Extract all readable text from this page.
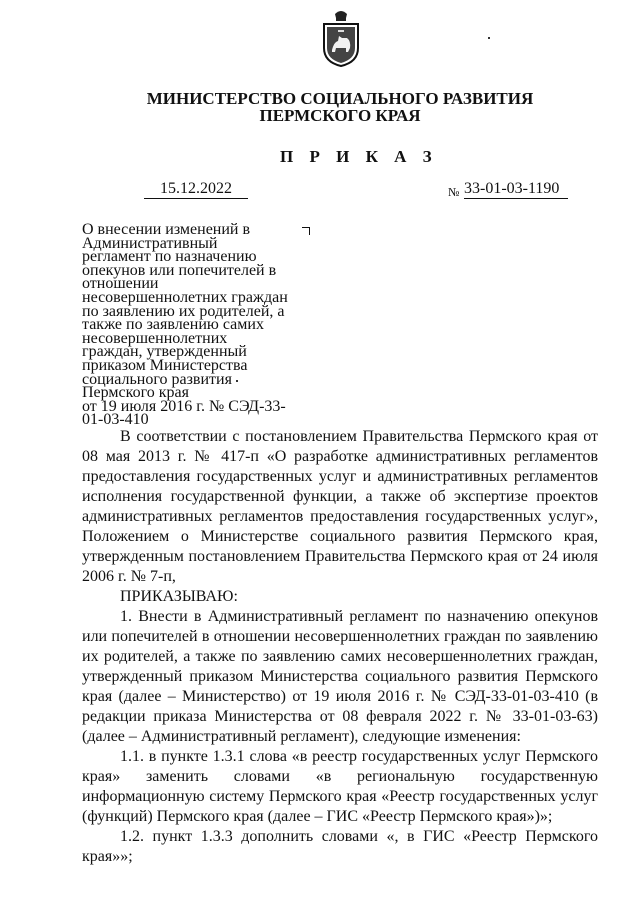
МИНИСТЕРСТВО СОЦИАЛЬНОГО РАЗВИТИЯ
ПЕРМСКОГО КРАЯ
П Р И К А З
15.12.2022	№ 33-01-03-1190
О внесении изменений в
Административный
регламент по назначению
опекунов или попечителей в
отношении
несовершеннолетних граждан
по заявлению их родителей, а
также по заявлению самих
несовершеннолетних
граждан, утвержденный
приказом Министерства
социального развития
Пермского края
от 19 июля 2016 г. № СЭД-33-
01-03-410

В соответствии с постановлением Правительства Пермского края от 08 мая 2013 г. № 417-п «О разработке административных регламентов предоставления государственных услуг и административных регламентов исполнения государственной функции, а также об экспертизе проектов административных регламентов предоставления государственных услуг», Положением о Министерстве социального развития Пермского края, утвержденным постановлением Правительства Пермского края от 24 июля 2006 г. № 7-п,

ПРИКАЗЫВАЮ:

1. Внести в Административный регламент по назначению опекунов или попечителей в отношении несовершеннолетних граждан по заявлению их родителей, а также по заявлению самих несовершеннолетних граждан, утвержденный приказом Министерства социального развития Пермского края (далее – Министерство) от 19 июля 2016 г. № СЭД-33-01-03-410 (в редакции приказа Министерства от 08 февраля 2022 г. № 33-01-03-63) (далее – Административный регламент), следующие изменения:

1.1. в пункте 1.3.1 слова «в реестр государственных услуг Пермского края» заменить словами «в региональную государственную информационную систему Пермского края «Реестр государственных услуг (функций) Пермского края (далее – ГИС «Реестр Пермского края»)»;

1.2. пункт 1.3.3 дополнить словами «, в ГИС «Реестр Пермского края»»;
